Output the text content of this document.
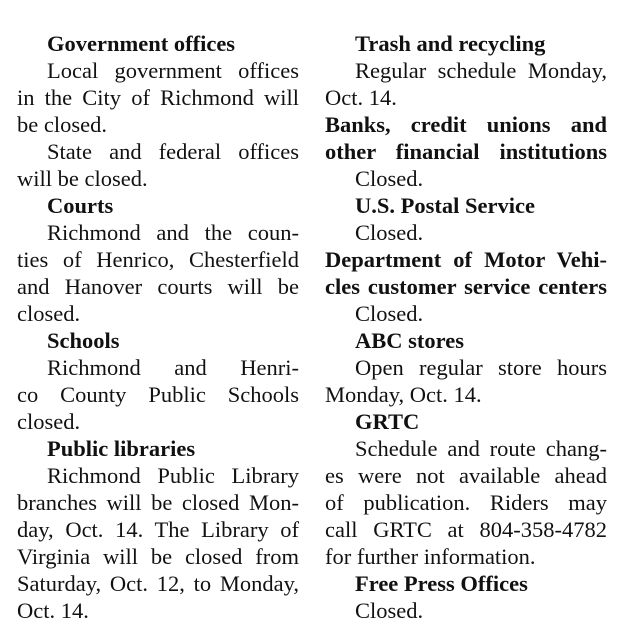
Government offices
Local government offices
in the City of Richmond will
be closed.
State and federal offices
will be closed.
Courts
Richmond and the coun-
ties of Henrico, Chesterfield
and Hanover courts will be
closed.
Schools
Richmond and Henri-
co County Public Schools
closed.
Public libraries
Richmond Public Library
branches will be closed Mon-
day, Oct. 14. The Library of
Virginia will be closed from
Saturday, Oct. 12, to Monday,
Oct. 14.
Trash and recycling
Regular schedule Monday,
Oct. 14.
Banks, credit unions and
other financial institutions
Closed.
U.S. Postal Service
Closed.
Department of Motor Vehi-
cles customer service centers
Closed.
ABC stores
Open regular store hours
Monday, Oct. 14.
GRTC
Schedule and route chang-
es were not available ahead
of publication. Riders may
call GRTC at 804-358-4782
for further information.
Free Press Offices
Closed.
